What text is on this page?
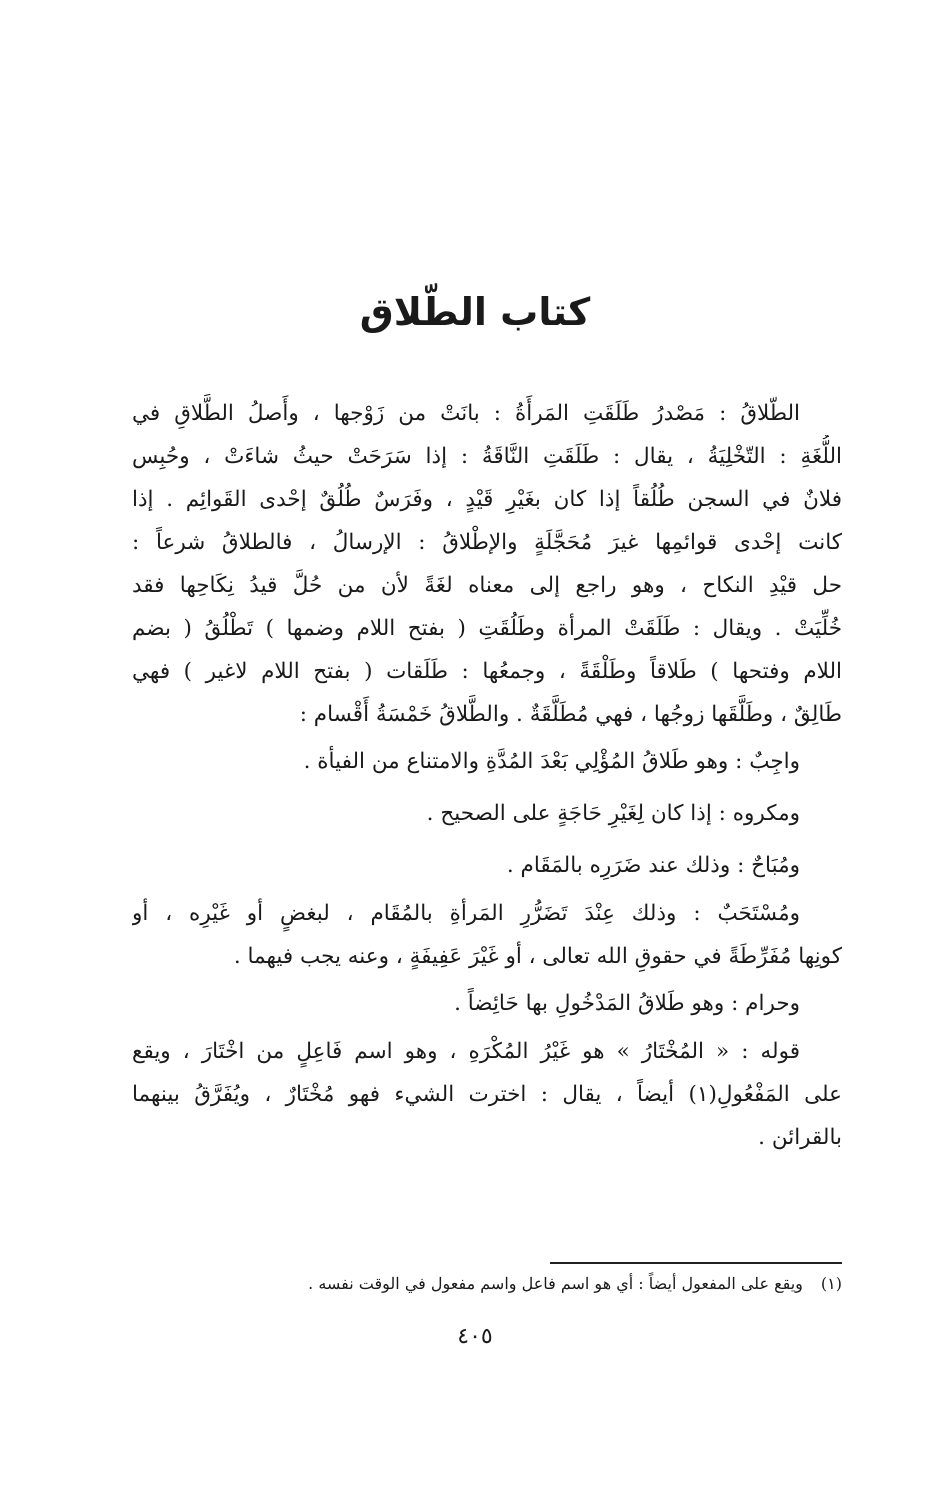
كتاب الطّلاق
الطّلاقُ : مَصْدرُ طَلَقَتِ المَرأَةُ : بانَتْ من زَوْجها ، وأَصلُ الطَّلاقِ في
اللُّغَةِ : التّخْلِيَةُ ، يقال : طَلَقَتِ النَّاقَةُ : إذا سَرَحَتْ حيثُ شاءَتْ ، وحُبِس
فلانٌ في السجن طُلُقاً إذا كان بغَيْرِ قَيْدٍ ، وفَرَسٌ طُلُقٌ إحْدى القَوائِم . إذا
كانت إحْدى قوائمِها غيرَ مُحَجَّلَةٍ والإطْلاقُ : الإرسالُ ، فالطلاقُ شرعاً :
حل قيْدِ النكاح ، وهو راجع إلى معناه لغَةً لأن من حُلَّ قيدُ نِكَاحِها فقد
خُلِّيَتْ . ويقال : طَلَقَتْ المرأة وطَلُقَتِ ( بفتح اللام وضمها ) تَطْلُقُ ( بضم
اللام وفتحها ) طَلاقاً وطَلْقَةً ، وجمعُها : طَلَقات ( بفتح اللام لاغير ) فهي
طَالِقٌ ، وطَلَّقَها زوجُها ، فهي مُطَلَّقَةٌ . والطَّلاقُ خَمْسَةُ أَقْسام :
واجِبٌ : وهو طَلاقُ المُؤْلِي بَعْدَ المُدَّةِ والامتناع من الفيأة .
ومكروه : إذا كان لِغَيْرِ حَاجَةٍ على الصحيح .
ومُبَاحٌ : وذلك عند ضَرَرِه بالمَقَام .
ومُسْتَحَبٌ : وذلك عِنْدَ تَضَرُّرِ المَرأةِ بالمُقَام ، لبغضٍ أو غَيْرِه ، أو
كونِها مُفَرِّطَةً في حقوقِ الله تعالى ، أو غَيْرَ عَفِيفَةٍ ، وعنه يجب فيهما .
وحرام : وهو طَلاقُ المَدْخُولِ بها حَائِضاً .
قوله : « المُخْتَارُ » هو غَيْرُ المُكْرَهِ ، وهو اسم فَاعِلٍ من اخْتَارَ ، ويقع
على المَفْعُولِ(١) أيضاً ، يقال : اخترت الشيء فهو مُخْتَارٌ ، ويُفَرَّقُ بينهما
بالقرائن .
(١)ويقع على المفعول أيضاً : أي هو اسم فاعل واسم مفعول في الوقت نفسه .
٤٠٥
